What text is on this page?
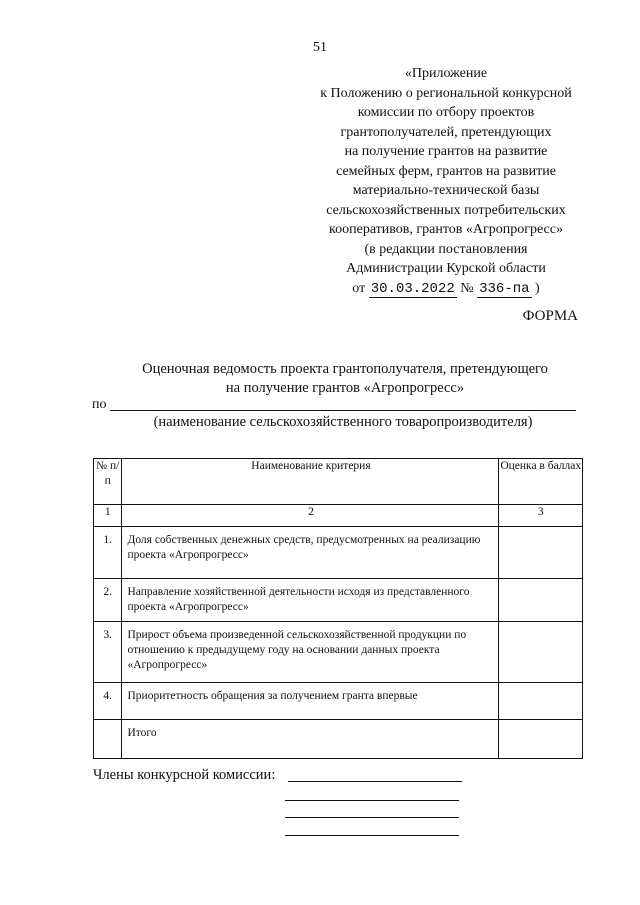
51
«Приложение
к Положению о региональной конкурсной
комиссии по отбору проектов
грантополучателей, претендующих
на получение грантов на развитие
семейных ферм, грантов на развитие
материально-технической базы
сельскохозяйственных потребительских
кооперативов, грантов «Агропрогресс»
(в редакции постановления
Администрации Курской области
от 30.03.2022 № 336-па )
ФОРМА
Оценочная ведомость проекта грантополучателя, претендующего
на получение грантов «Агропрогресс»
по
(наименование сельскохозяйственного товаропроизводителя)
№ п/п	Наименование критерия	Оценка в баллах
1	2	3
1.	Доля собственных денежных средств, предусмотренных на реализацию проекта «Агропрогресс»	
2.	Направление хозяйственной деятельности исходя из представленного проекта «Агропрогресс»	
3.	Прирост объема произведенной сельскохозяйственной продукции по отношению к предыдущему году на основании данных проекта «Агропрогресс»	
4.	Приоритетность обращения за получением гранта впервые	
	Итого	
Члены конкурсной комиссии:
